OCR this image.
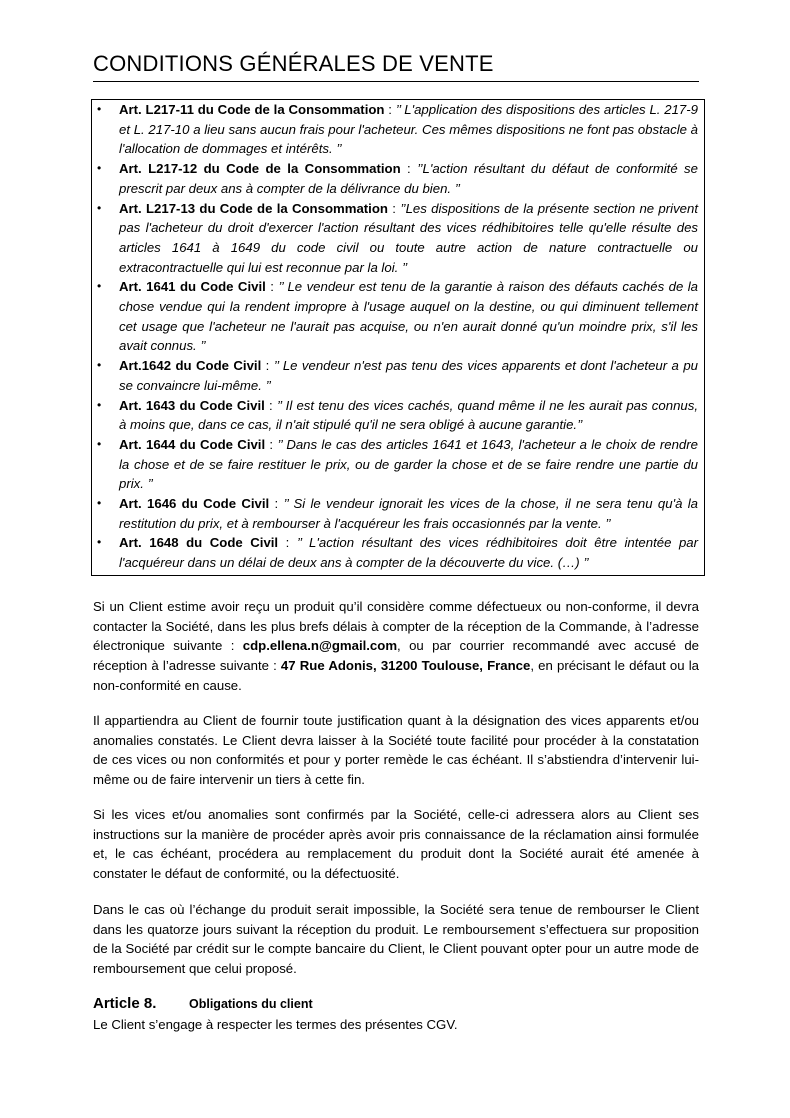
CONDITIONS GÉNÉRALES DE VENTE
• Art. L217-11 du Code de la Consommation : ’’ L'application des dispositions des articles L. 217-9 et L. 217-10 a lieu sans aucun frais pour l'acheteur. Ces mêmes dispositions ne font pas obstacle à l'allocation de dommages et intérêts. ’’
• Art. L217-12 du Code de la Consommation : ’’L'action résultant du défaut de conformité se prescrit par deux ans à compter de la délivrance du bien. ’’
• Art. L217-13 du Code de la Consommation : ’’Les dispositions de la présente section ne privent pas l'acheteur du droit d'exercer l'action résultant des vices rédhibitoires telle qu'elle résulte des articles 1641 à 1649 du code civil ou toute autre action de nature contractuelle ou extracontractuelle qui lui est reconnue par la loi. ’’
• Art. 1641 du Code Civil : ’’ Le vendeur est tenu de la garantie à raison des défauts cachés de la chose vendue qui la rendent impropre à l'usage auquel on la destine, ou qui diminuent tellement cet usage que l'acheteur ne l'aurait pas acquise, ou n'en aurait donné qu'un moindre prix, s'il les avait connus. ’’
• Art.1642 du Code Civil : ’’ Le vendeur n'est pas tenu des vices apparents et dont l'acheteur a pu se convaincre lui-même. ’’
• Art. 1643 du Code Civil : ’’ Il est tenu des vices cachés, quand même il ne les aurait pas connus, à moins que, dans ce cas, il n'ait stipulé qu'il ne sera obligé à aucune garantie.’’
• Art. 1644 du Code Civil : ’’ Dans le cas des articles 1641 et 1643, l'acheteur a le choix de rendre la chose et de se faire restituer le prix, ou de garder la chose et de se faire rendre une partie du prix. ’’
• Art. 1646 du Code Civil : ’’ Si le vendeur ignorait les vices de la chose, il ne sera tenu qu'à la restitution du prix, et à rembourser à l'acquéreur les frais occasionnés par la vente. ’’
• Art. 1648 du Code Civil : ’’ L'action résultant des vices rédhibitoires doit être intentée par l'acquéreur dans un délai de deux ans à compter de la découverte du vice. (…) ’’

Si un Client estime avoir reçu un produit qu’il considère comme défectueux ou non-conforme, il devra contacter la Société, dans les plus brefs délais à compter de la réception de la Commande, à l’adresse électronique suivante : cdp.ellena.n@gmail.com, ou par courrier recommandé avec accusé de réception à l’adresse suivante : 47 Rue Adonis, 31200 Toulouse, France, en précisant le défaut ou la non-conformité en cause.

Il appartiendra au Client de fournir toute justification quant à la désignation des vices apparents et/ou anomalies constatés. Le Client devra laisser à la Société toute facilité pour procéder à la constatation de ces vices ou non conformités et pour y porter remède le cas échéant. Il s’abstiendra d’intervenir lui-même ou de faire intervenir un tiers à cette fin.

Si les vices et/ou anomalies sont confirmés par la Société, celle-ci adressera alors au Client ses instructions sur la manière de procéder après avoir pris connaissance de la réclamation ainsi formulée et, le cas échéant, procédera au remplacement du produit dont la Société aurait été amenée à constater le défaut de conformité, ou la défectuosité.

Dans le cas où l’échange du produit serait impossible, la Société sera tenue de rembourser le Client dans les quatorze jours suivant la réception du produit. Le remboursement s’effectuera sur proposition de la Société par crédit sur le compte bancaire du Client, le Client pouvant opter pour un autre mode de remboursement que celui proposé.

Article 8.	Obligations du client

Le Client s’engage à respecter les termes des présentes CGV.
